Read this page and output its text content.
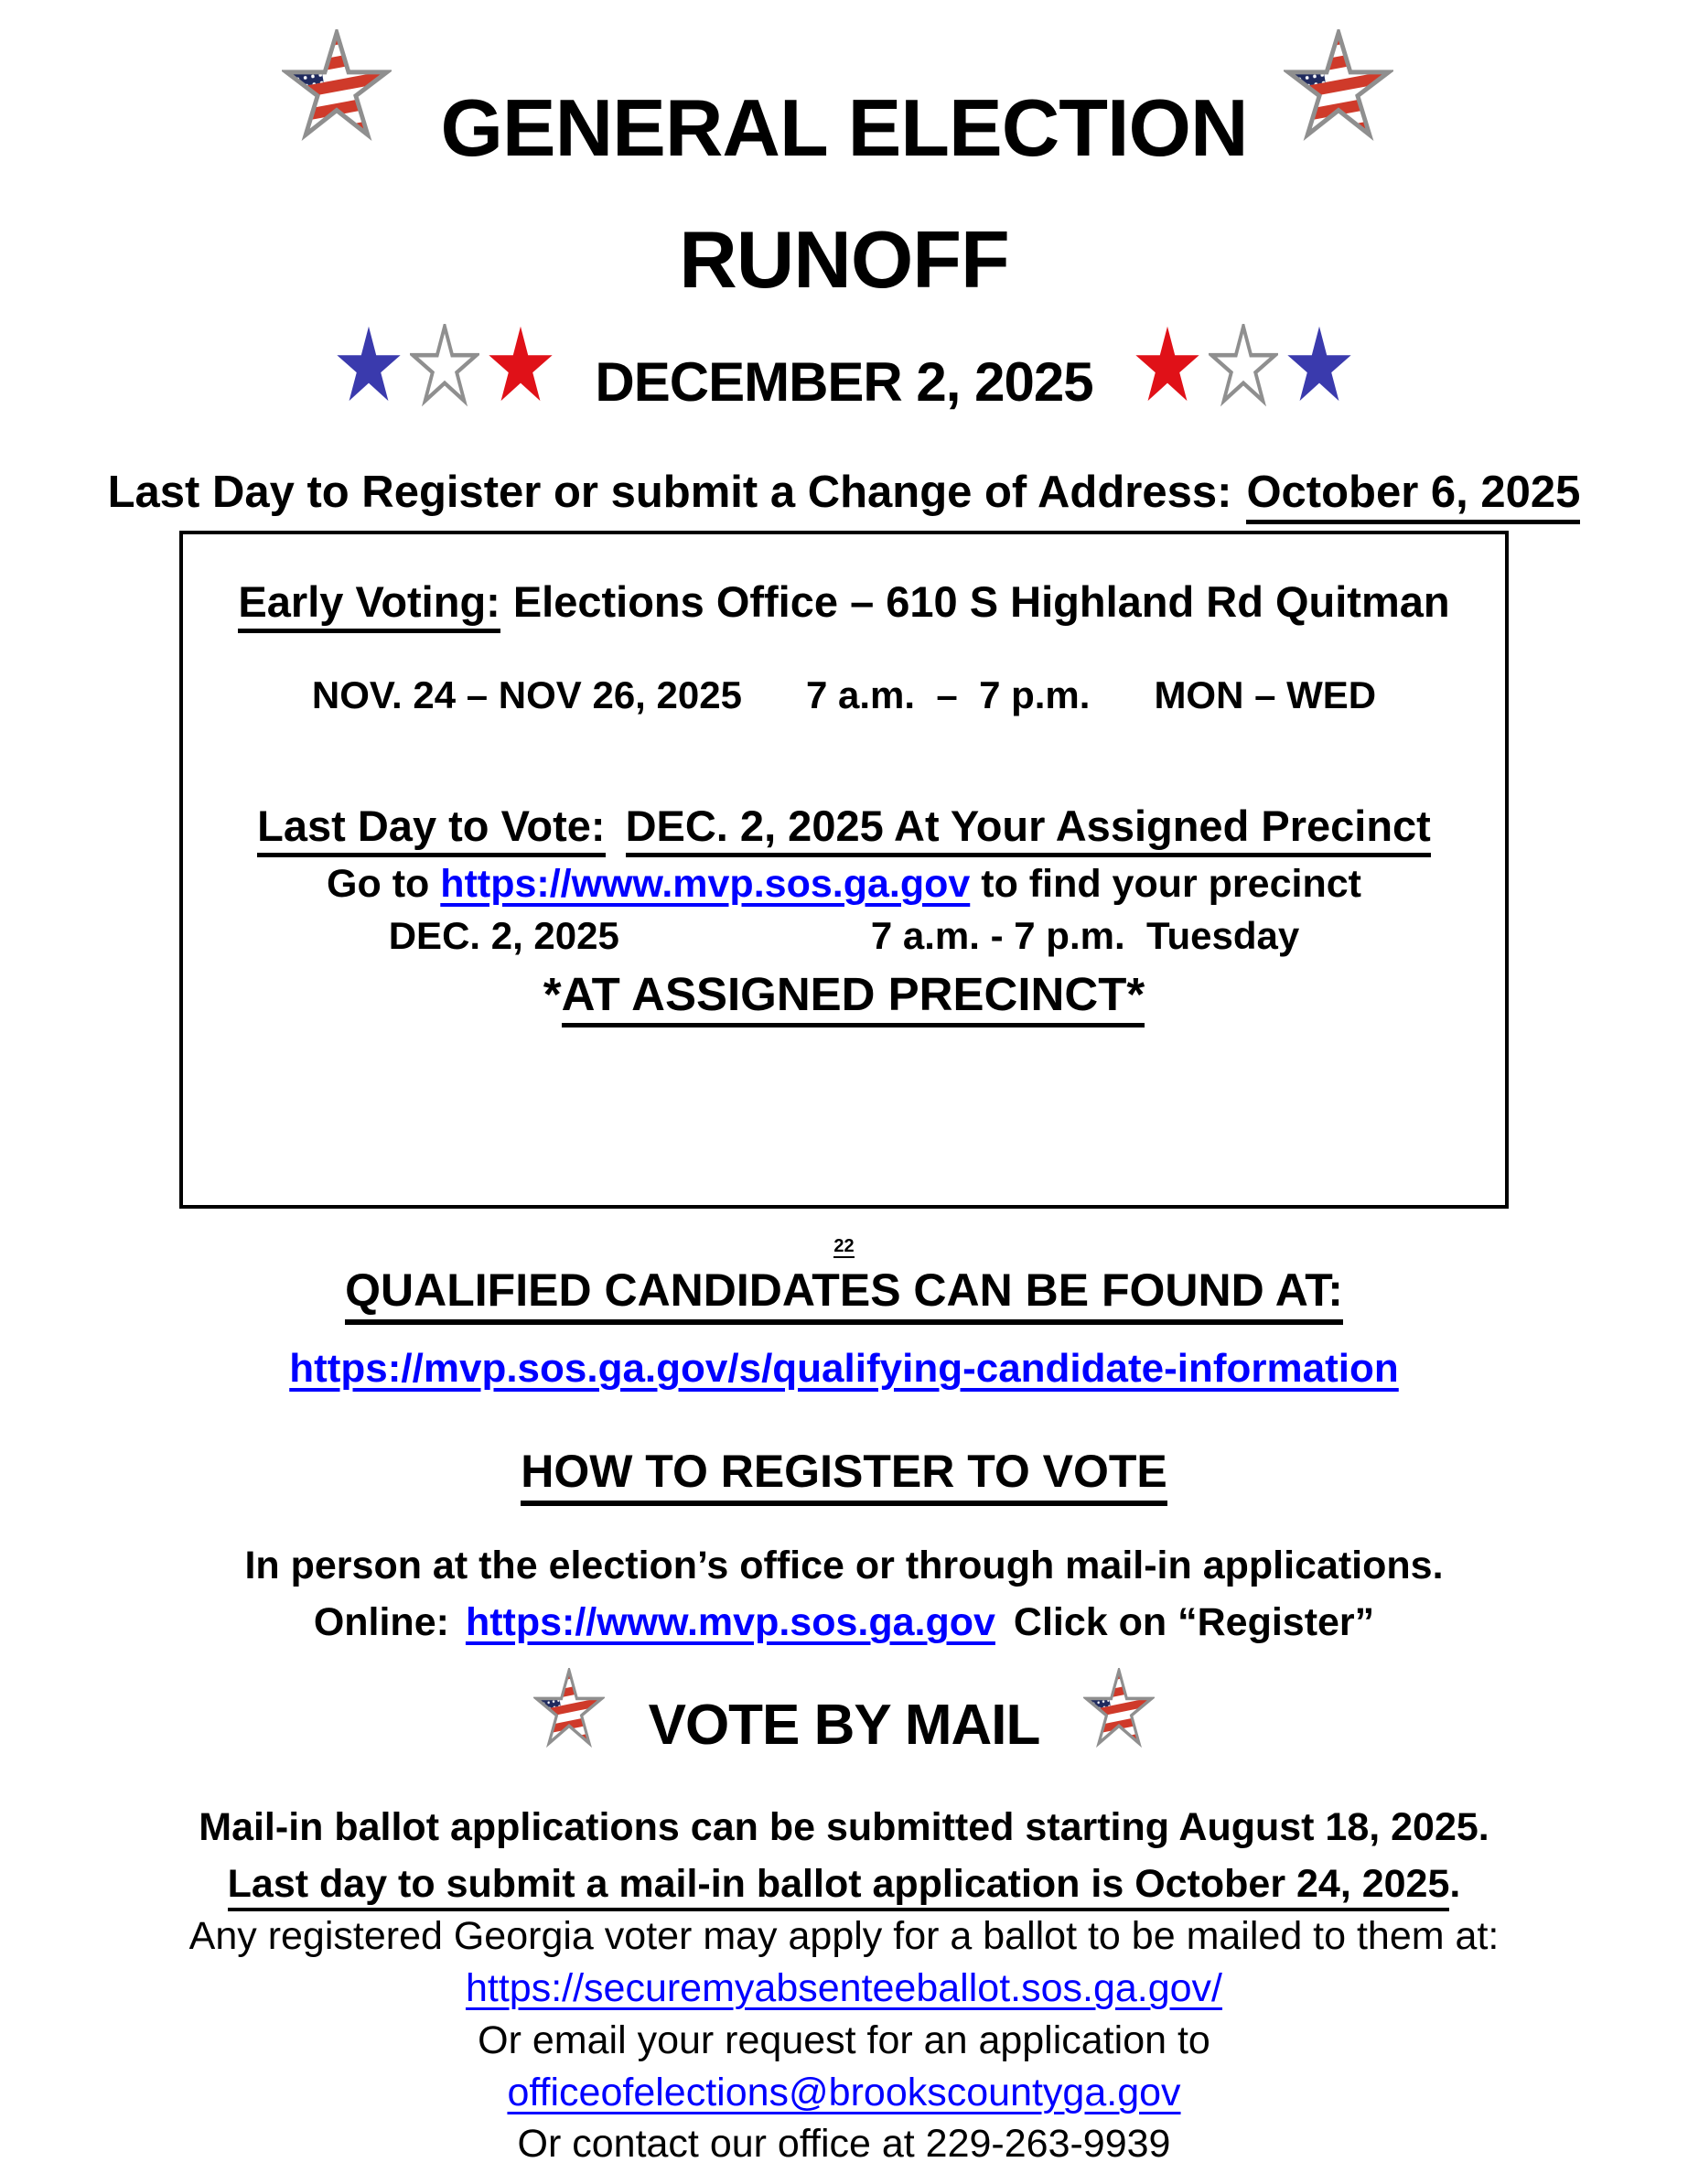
GENERAL ELECTION
RUNOFF
DECEMBER 2, 2025
Last Day to Register or submit a Change of Address: October 6, 2025
Early Voting: Elections Office – 610 S Highland Rd Quitman
NOV. 24 – NOV 26, 2025 7 a.m.  –  7 p.m. MON – WED
Last Day to Vote: DEC. 2, 2025 At Your Assigned Precinct
Go to https://www.mvp.sos.ga.gov to find your precinct
DEC. 2, 2025	7 a.m. - 7 p.m.  Tuesday
*AT ASSIGNED PRECINCT*
22
QUALIFIED CANDIDATES CAN BE FOUND AT:
https://mvp.sos.ga.gov/s/qualifying-candidate-information
HOW TO REGISTER TO VOTE
In person at the election’s office or through mail-in applications.
Online: https://www.mvp.sos.ga.gov Click on “Register”
VOTE BY MAIL
Mail-in ballot applications can be submitted starting August 18, 2025.
Last day to submit a mail-in ballot application is October 24, 2025.
Any registered Georgia voter may apply for a ballot to be mailed to them at:
https://securemyabsenteeballot.sos.ga.gov/
Or email your request for an application to
officeofelections@brookscountyga.gov
Or contact our office at 229-263-9939
